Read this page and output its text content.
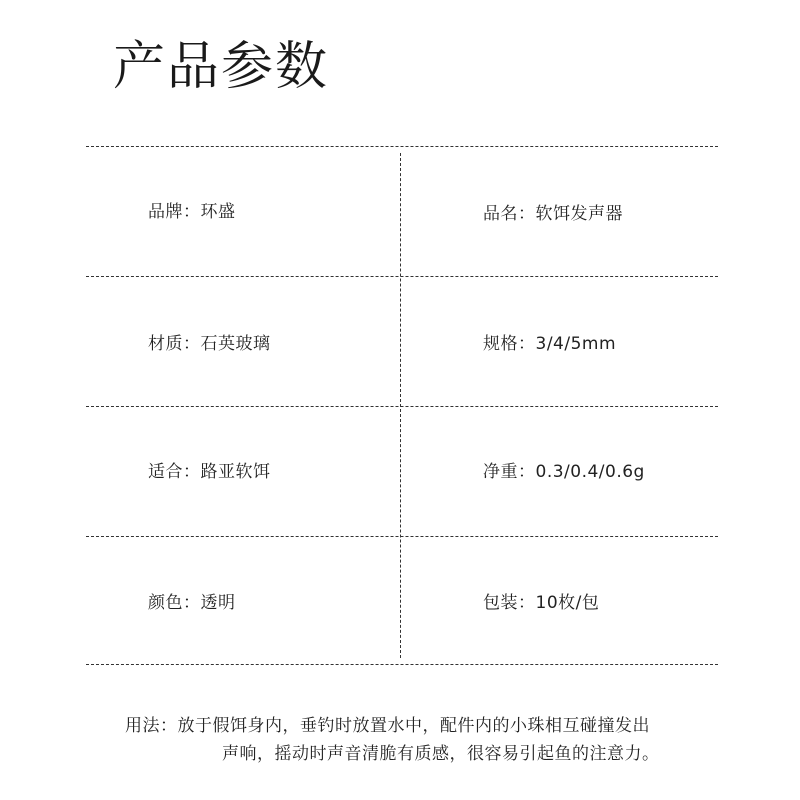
产品参数
品牌：环盛	品名：软饵发声器
材质：石英玻璃	规格：3/4/5mm
适合：路亚软饵	净重：0.3/0.4/0.6g
颜色：透明	包装：10枚/包
用法：放于假饵身内，垂钓时放置水中，配件内的小珠相互碰撞发出
声响，摇动时声音清脆有质感，很容易引起鱼的注意力。
